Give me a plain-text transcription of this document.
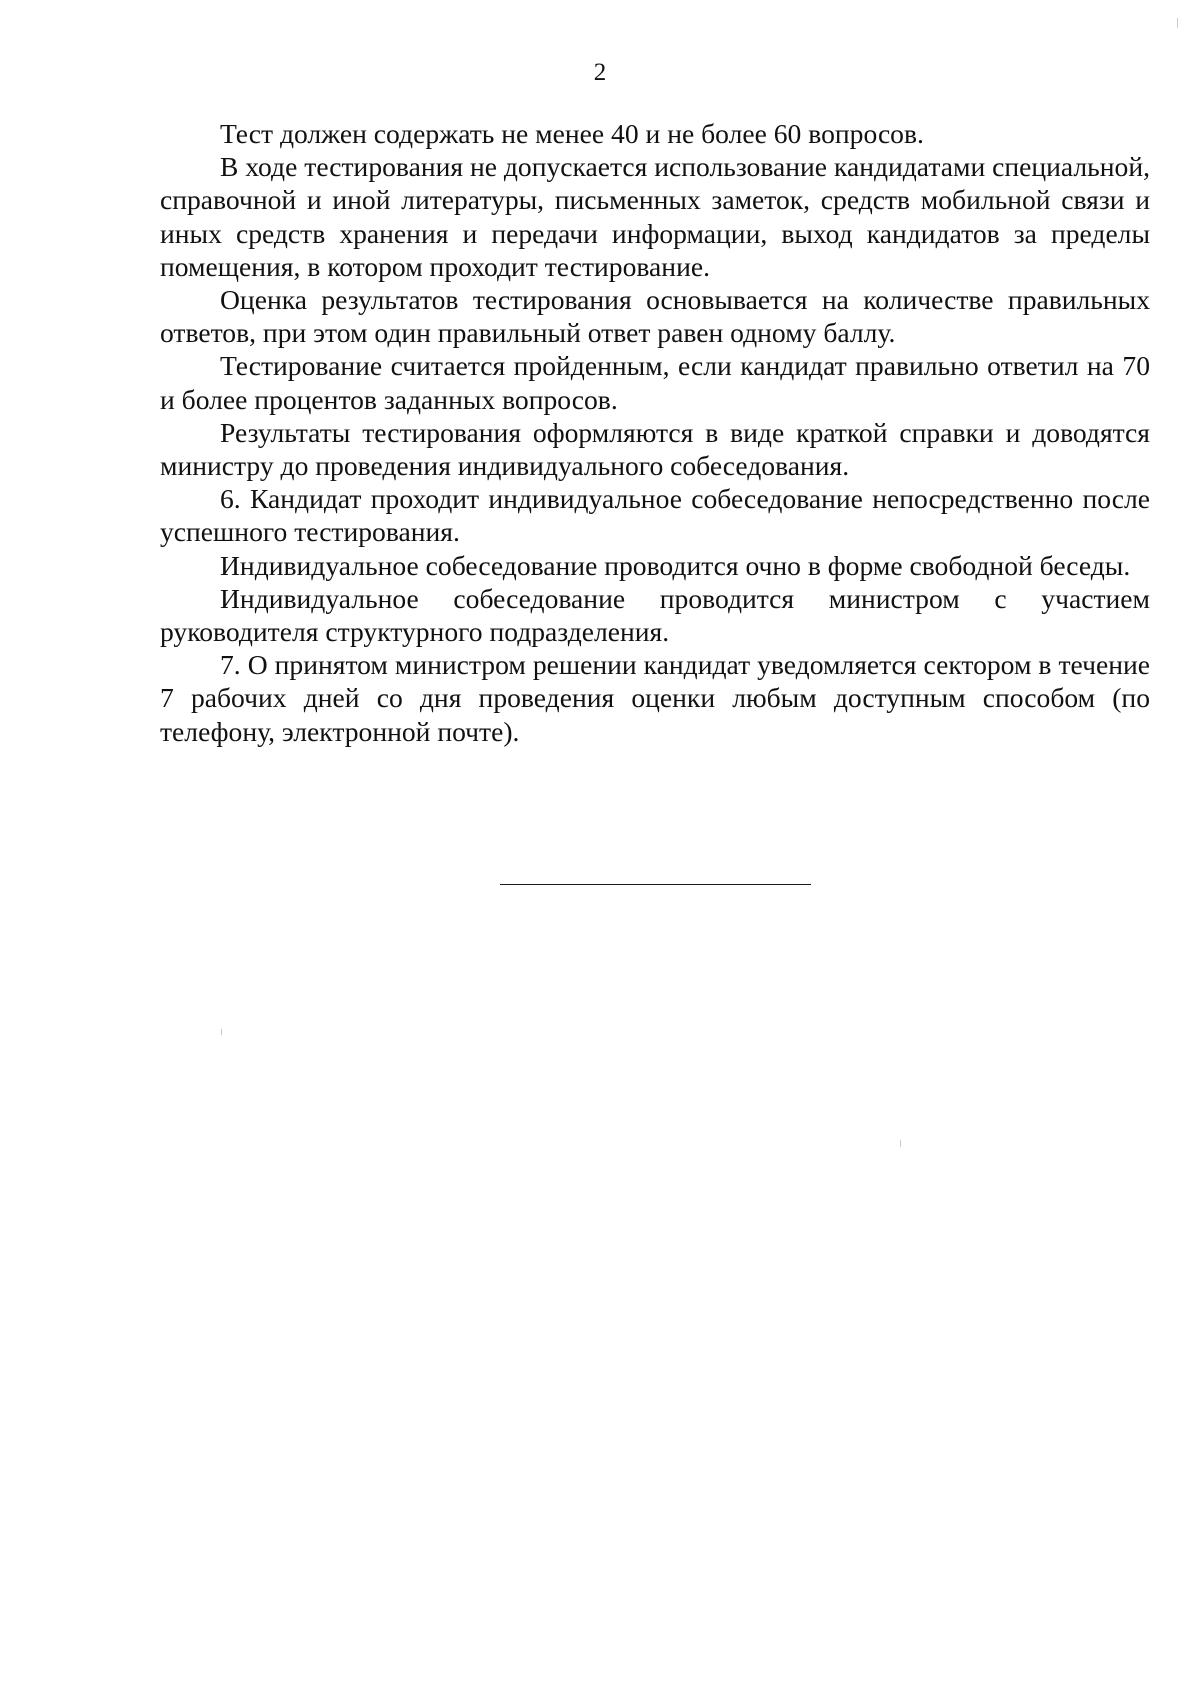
2

Тест должен содержать не менее 40 и не более 60 вопросов.

В ходе тестирования не допускается использование кандидатами специальной, справочной и иной литературы, письменных заметок, средств мобильной связи и иных средств хранения и передачи информации, выход кандидатов за пределы помещения, в котором проходит тестирование.

Оценка результатов тестирования основывается на количестве правильных ответов, при этом один правильный ответ равен одному баллу.

Тестирование считается пройденным, если кандидат правильно ответил на 70 и более процентов заданных вопросов.

Результаты тестирования оформляются в виде краткой справки и доводятся министру до проведения индивидуального собеседования.

6. Кандидат проходит индивидуальное собеседование непосредственно после успешного тестирования.

Индивидуальное собеседование проводится очно в форме свободной беседы.

Индивидуальное собеседование проводится министром с участием руководителя структурного подразделения.

7. О принятом министром решении кандидат уведомляется сектором в течение 7 рабочих дней со дня проведения оценки любым доступным способом (по телефону, электронной почте).
